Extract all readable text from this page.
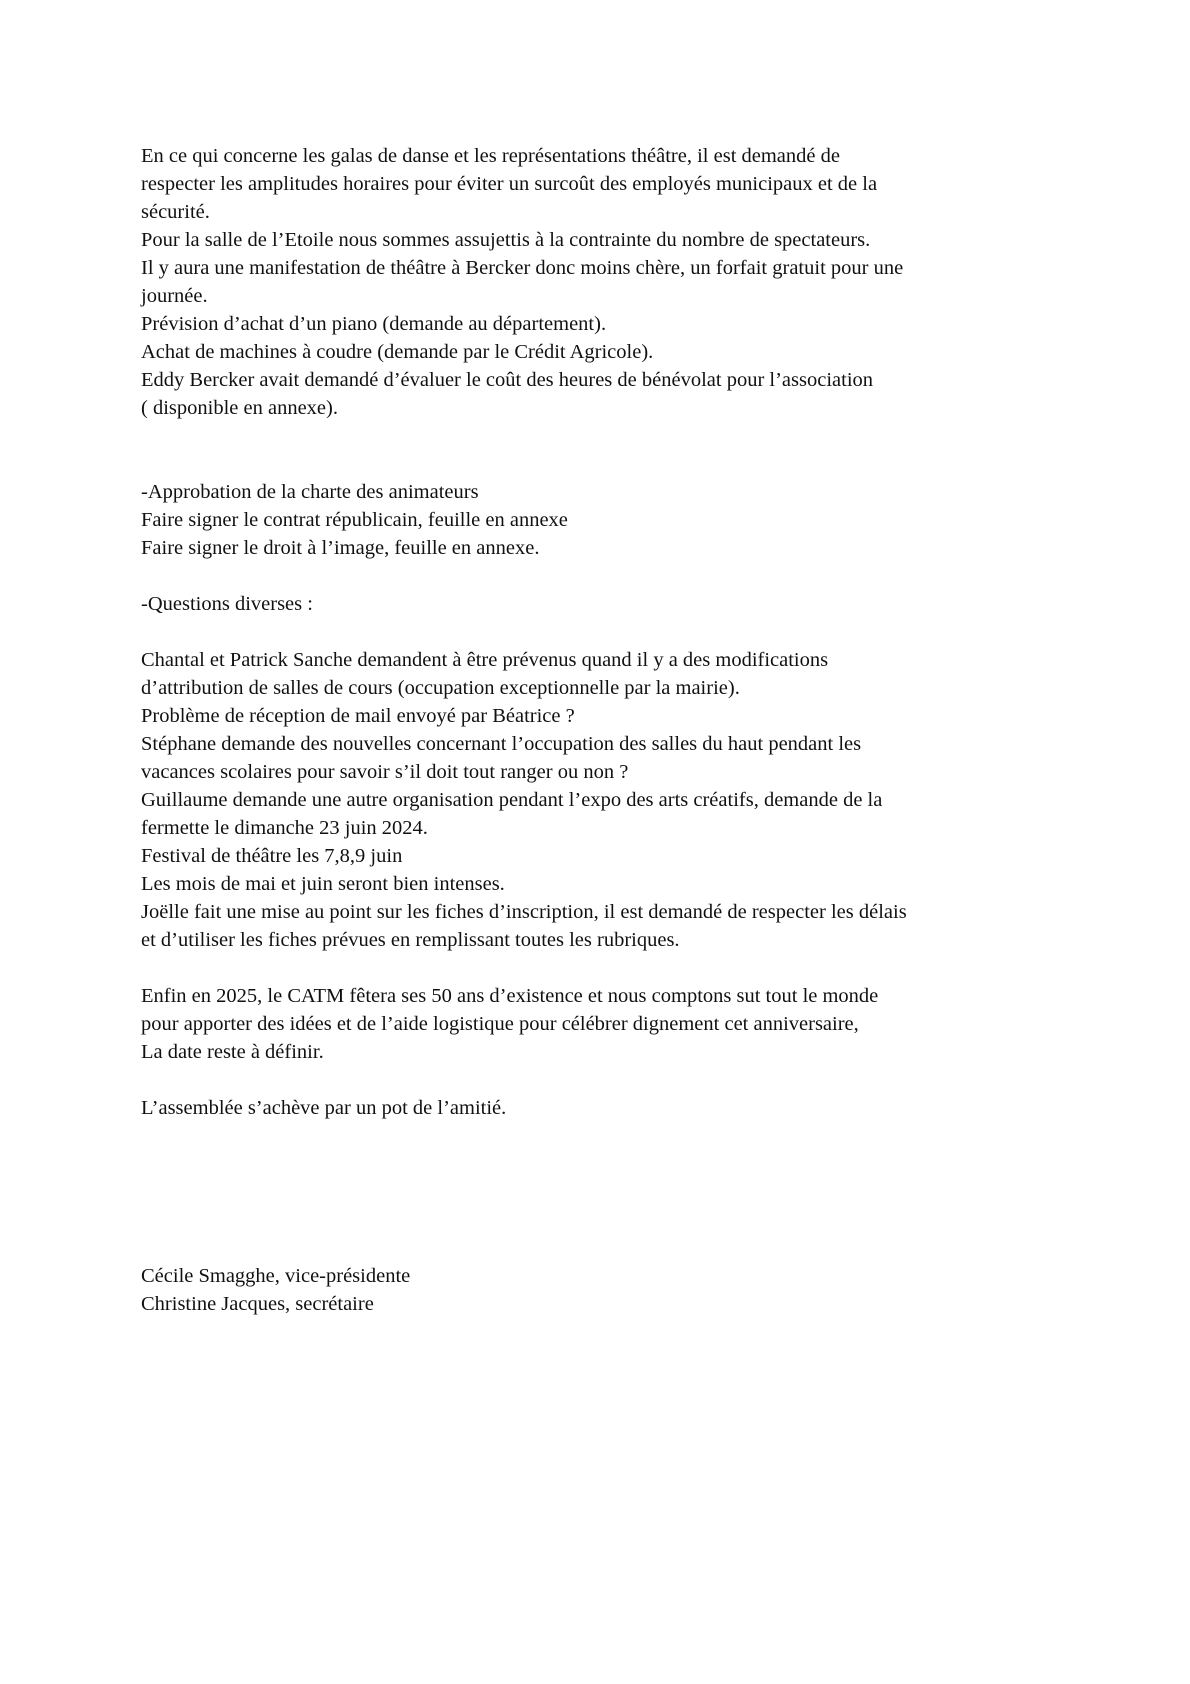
En ce qui concerne les galas de danse et les représentations théâtre, il est demandé de
respecter les amplitudes horaires pour éviter un surcoût des employés municipaux et de la
sécurité.
Pour la salle de l’Etoile nous sommes assujettis à la contrainte du nombre de spectateurs.
Il y aura une manifestation de théâtre à Bercker donc moins chère, un forfait gratuit pour une
journée.
Prévision d’achat d’un piano (demande au département).
Achat de machines à coudre (demande par le Crédit Agricole).
Eddy Bercker avait demandé d’évaluer le coût des heures de bénévolat pour l’association
( disponible en annexe).
-Approbation de la charte des animateurs
Faire signer le contrat républicain, feuille en annexe
Faire signer le droit à l’image, feuille en annexe.
-Questions diverses :
Chantal et Patrick Sanche demandent à être prévenus quand il y a des modifications
d’attribution de salles de cours (occupation exceptionnelle par la mairie).
Problème de réception de mail envoyé par Béatrice ?
Stéphane demande des nouvelles concernant l’occupation des salles du haut pendant les
vacances scolaires pour savoir s’il doit tout ranger ou non ?
Guillaume demande une autre organisation pendant l’expo des arts créatifs, demande de la
fermette le dimanche 23 juin 2024.
Festival de théâtre les 7,8,9 juin
Les mois de mai et juin seront bien intenses.
Joëlle fait une mise au point sur les fiches d’inscription, il est demandé de respecter les délais
et d’utiliser les fiches prévues en remplissant toutes les rubriques.
Enfin en 2025, le CATM fêtera ses 50 ans d’existence et nous comptons sut tout le monde
pour apporter des idées et de l’aide logistique pour célébrer dignement cet anniversaire,
La date reste à définir.
L’assemblée s’achève par un pot de l’amitié.
Cécile Smagghe, vice-présidente
Christine Jacques, secrétaire
